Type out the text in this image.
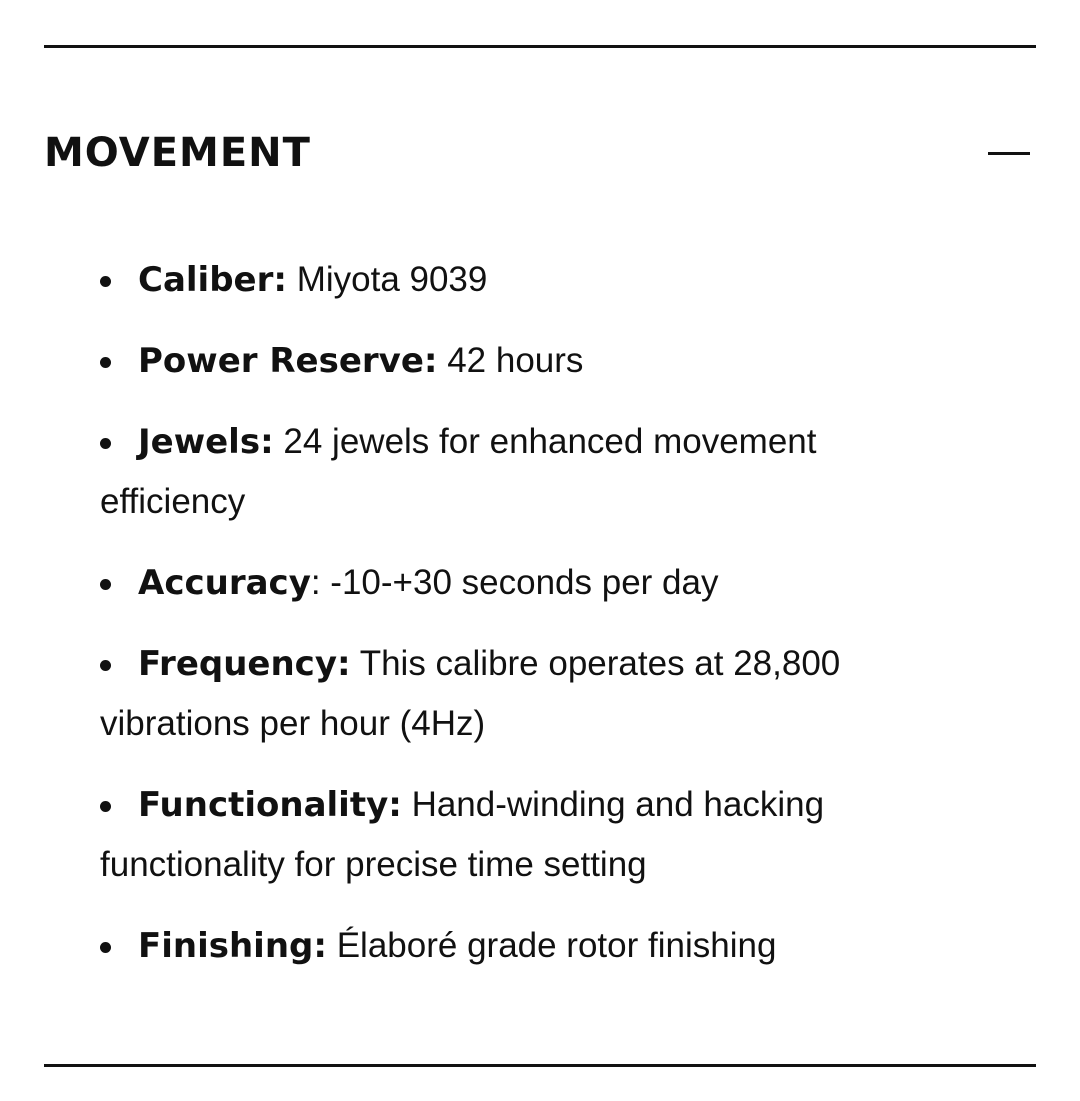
MOVEMENT
Caliber: Miyota 9039
Power Reserve: 42 hours
Jewels: 24 jewels for enhanced movement efficiency
Accuracy: -10-+30 seconds per day
Frequency: This calibre operates at 28,800 vibrations per hour (4Hz)
Functionality: Hand-winding and hacking functionality for precise time setting
Finishing: Élaboré grade rotor finishing
